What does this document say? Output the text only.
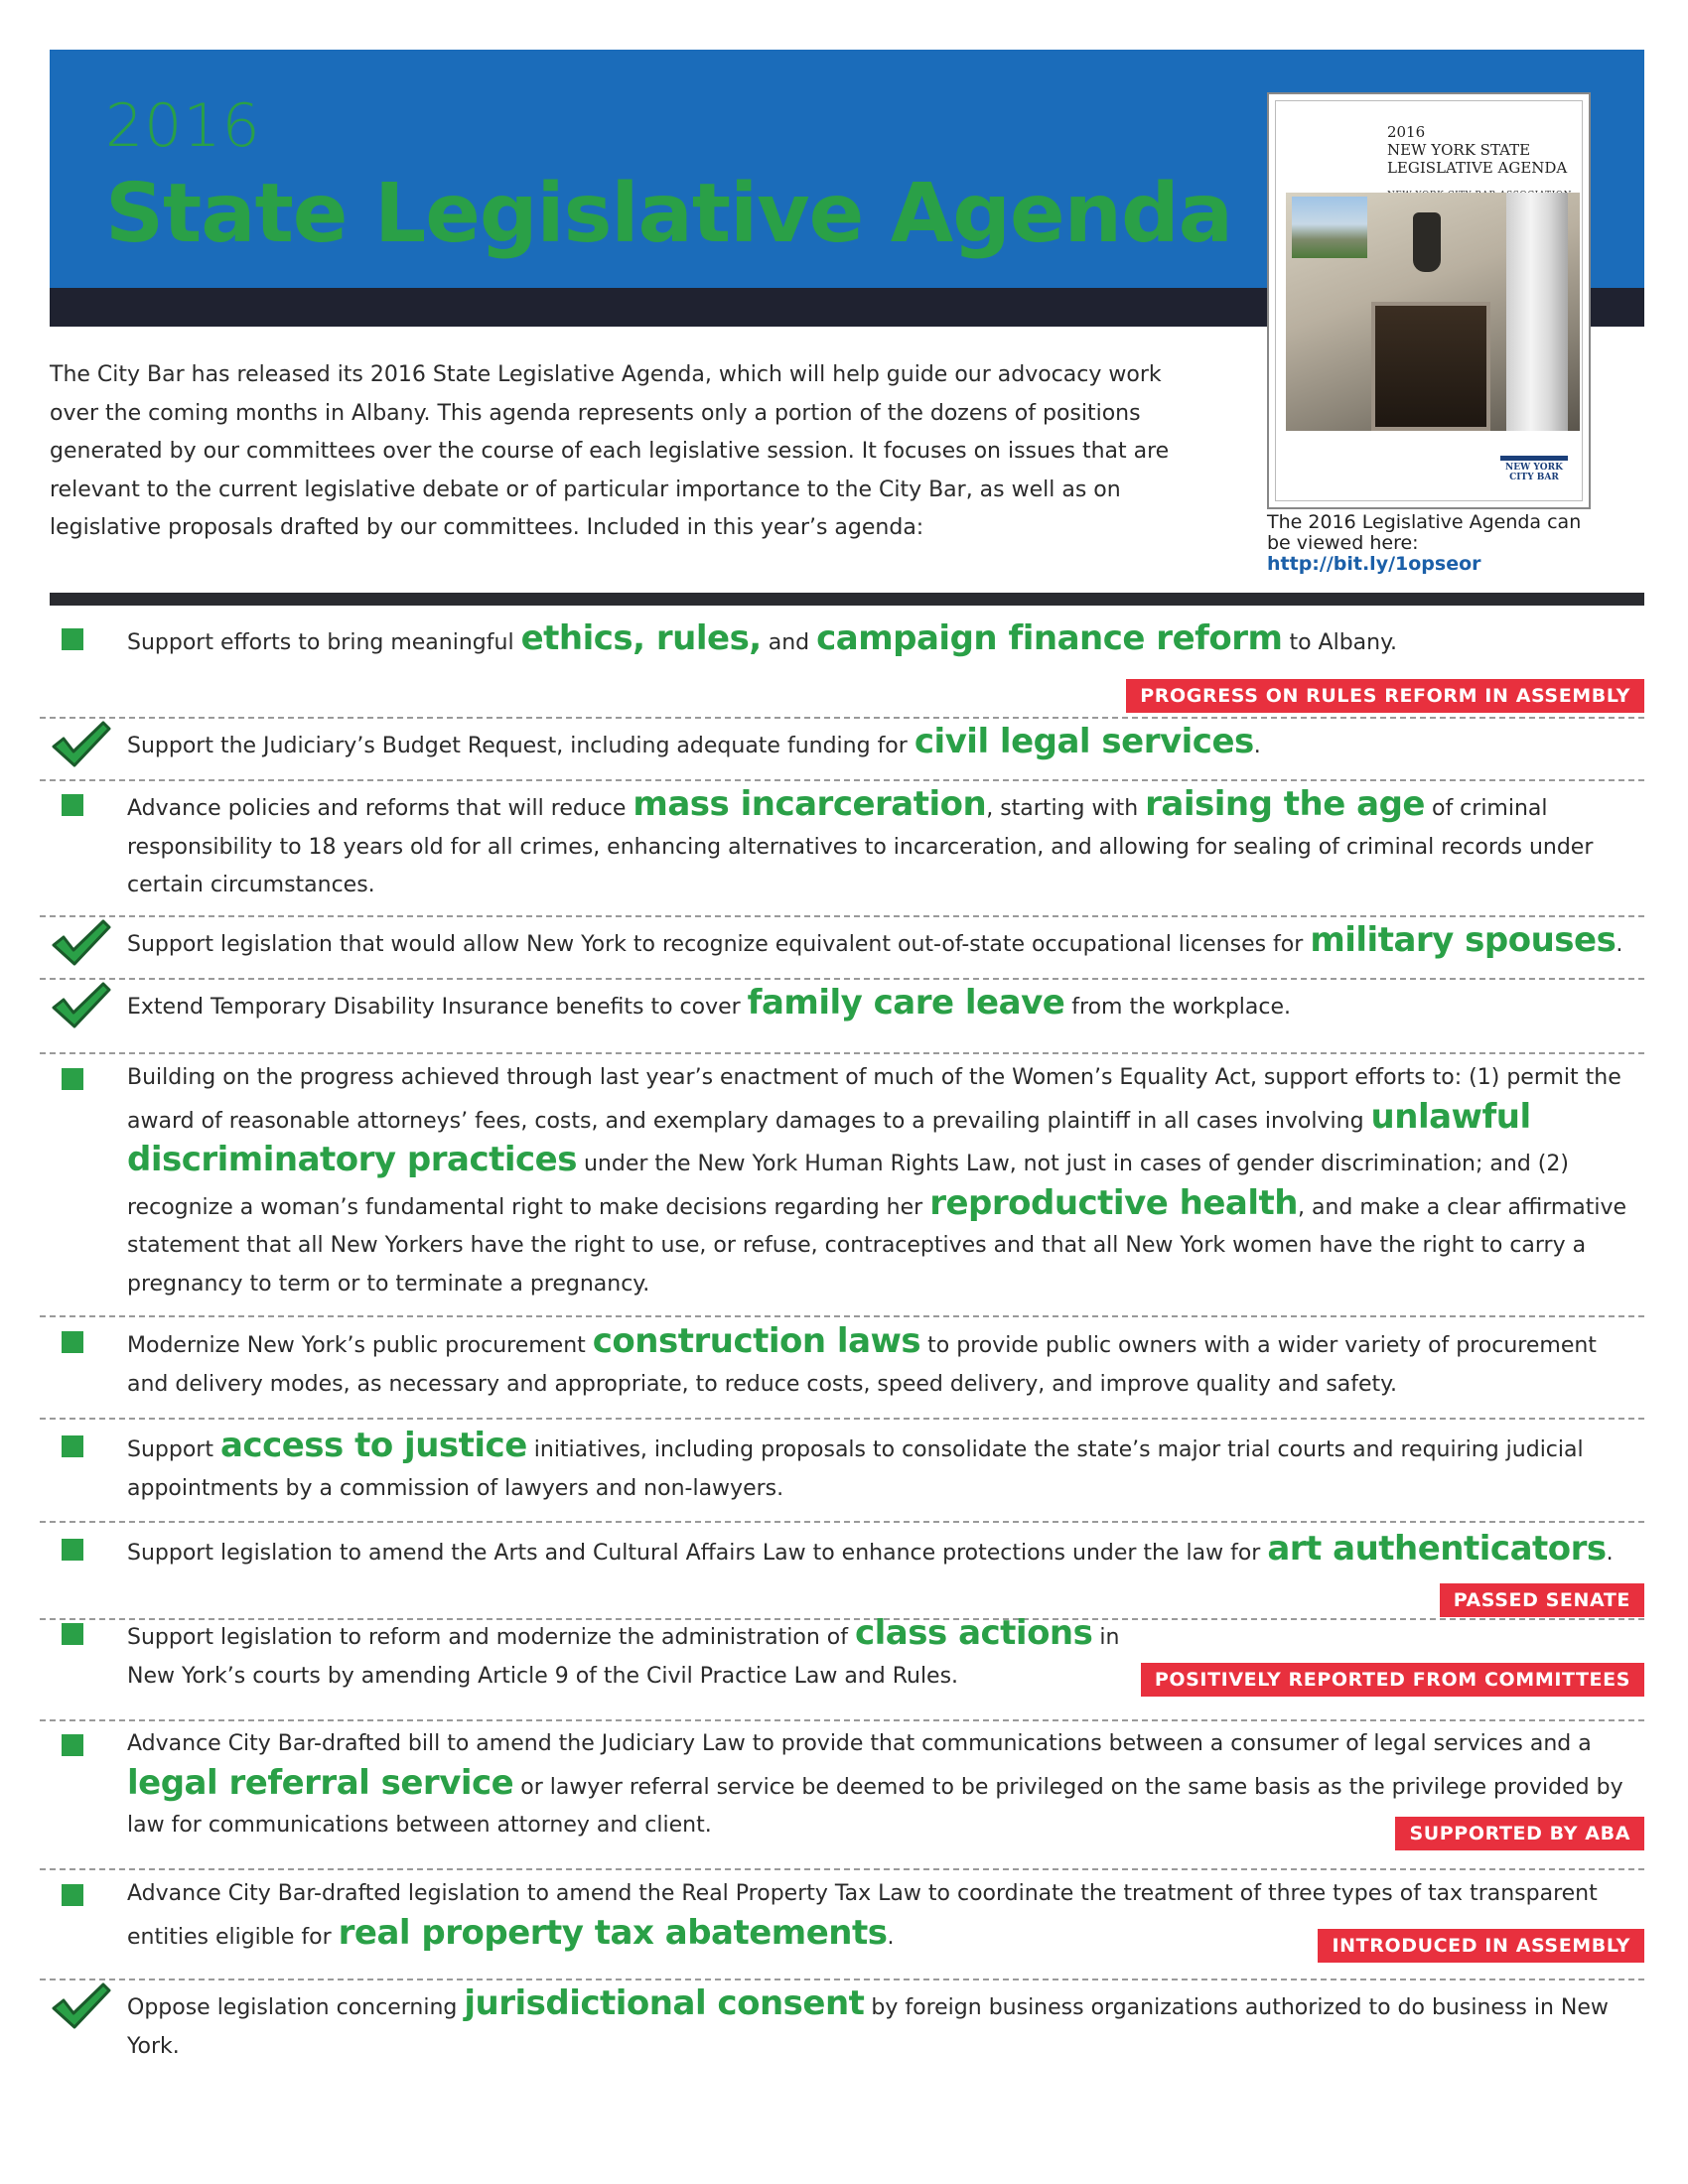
2016
State Legislative Agenda
2016
NEW YORK STATE
LEGISLATIVE AGENDA
NEW YORK
CITY BAR
The 2016 Legislative Agenda can be viewed here:
http://bit.ly/1opseor
The City Bar has released its 2016 State Legislative Agenda, which will help guide our advocacy work over the coming months in Albany. This agenda represents only a portion of the dozens of positions generated by our committees over the course of each legislative session. It focuses on issues that are relevant to the current legislative debate or of particular importance to the City Bar, as well as on legislative proposals drafted by our committees. Included in this year’s agenda:
Support efforts to bring meaningful ethics, rules, and campaign finance reform to Albany.
PROGRESS ON RULES REFORM IN ASSEMBLY
Support the Judiciary’s Budget Request, including adequate funding for civil legal services.
Advance policies and reforms that will reduce mass incarceration, starting with raising the age of criminal responsibility to 18 years old for all crimes, enhancing alternatives to incarceration, and allowing for sealing of criminal records under certain circumstances.
Support legislation that would allow New York to recognize equivalent out-of-state occupational licenses for military spouses.
Extend Temporary Disability Insurance benefits to cover family care leave from the workplace.
Building on the progress achieved through last year’s enactment of much of the Women’s Equality Act, support efforts to: (1) permit the award of reasonable attorneys’ fees, costs, and exemplary damages to a prevailing plaintiff in all cases involving unlawful discriminatory practices under the New York Human Rights Law, not just in cases of gender discrimination; and (2) recognize a woman’s fundamental right to make decisions regarding her reproductive health, and make a clear affirmative statement that all New Yorkers have the right to use, or refuse, contraceptives and that all New York women have the right to carry a pregnancy to term or to terminate a pregnancy.
Modernize New York’s public procurement construction laws to provide public owners with a wider variety of procurement and delivery modes, as necessary and appropriate, to reduce costs, speed delivery, and improve quality and safety.
Support access to justice initiatives, including proposals to consolidate the state’s major trial courts and requiring judicial appointments by a commission of lawyers and non-lawyers.
Support legislation to amend the Arts and Cultural Affairs Law to enhance protections under the law for art authenticators.
PASSED SENATE
Support legislation to reform and modernize the administration of class actions in New York’s courts by amending Article 9 of the Civil Practice Law and Rules.	POSITIVELY REPORTED FROM COMMITTEES
Advance City Bar-drafted bill to amend the Judiciary Law to provide that communications between a consumer of legal services and a legal referral service or lawyer referral service be deemed to be privileged on the same basis as the privilege provided by law for communications between attorney and client.	SUPPORTED BY ABA
Advance City Bar-drafted legislation to amend the Real Property Tax Law to coordinate the treatment of three types of tax transparent entities eligible for real property tax abatements.	INTRODUCED IN ASSEMBLY
Oppose legislation concerning jurisdictional consent by foreign business organizations authorized to do business in New York.
